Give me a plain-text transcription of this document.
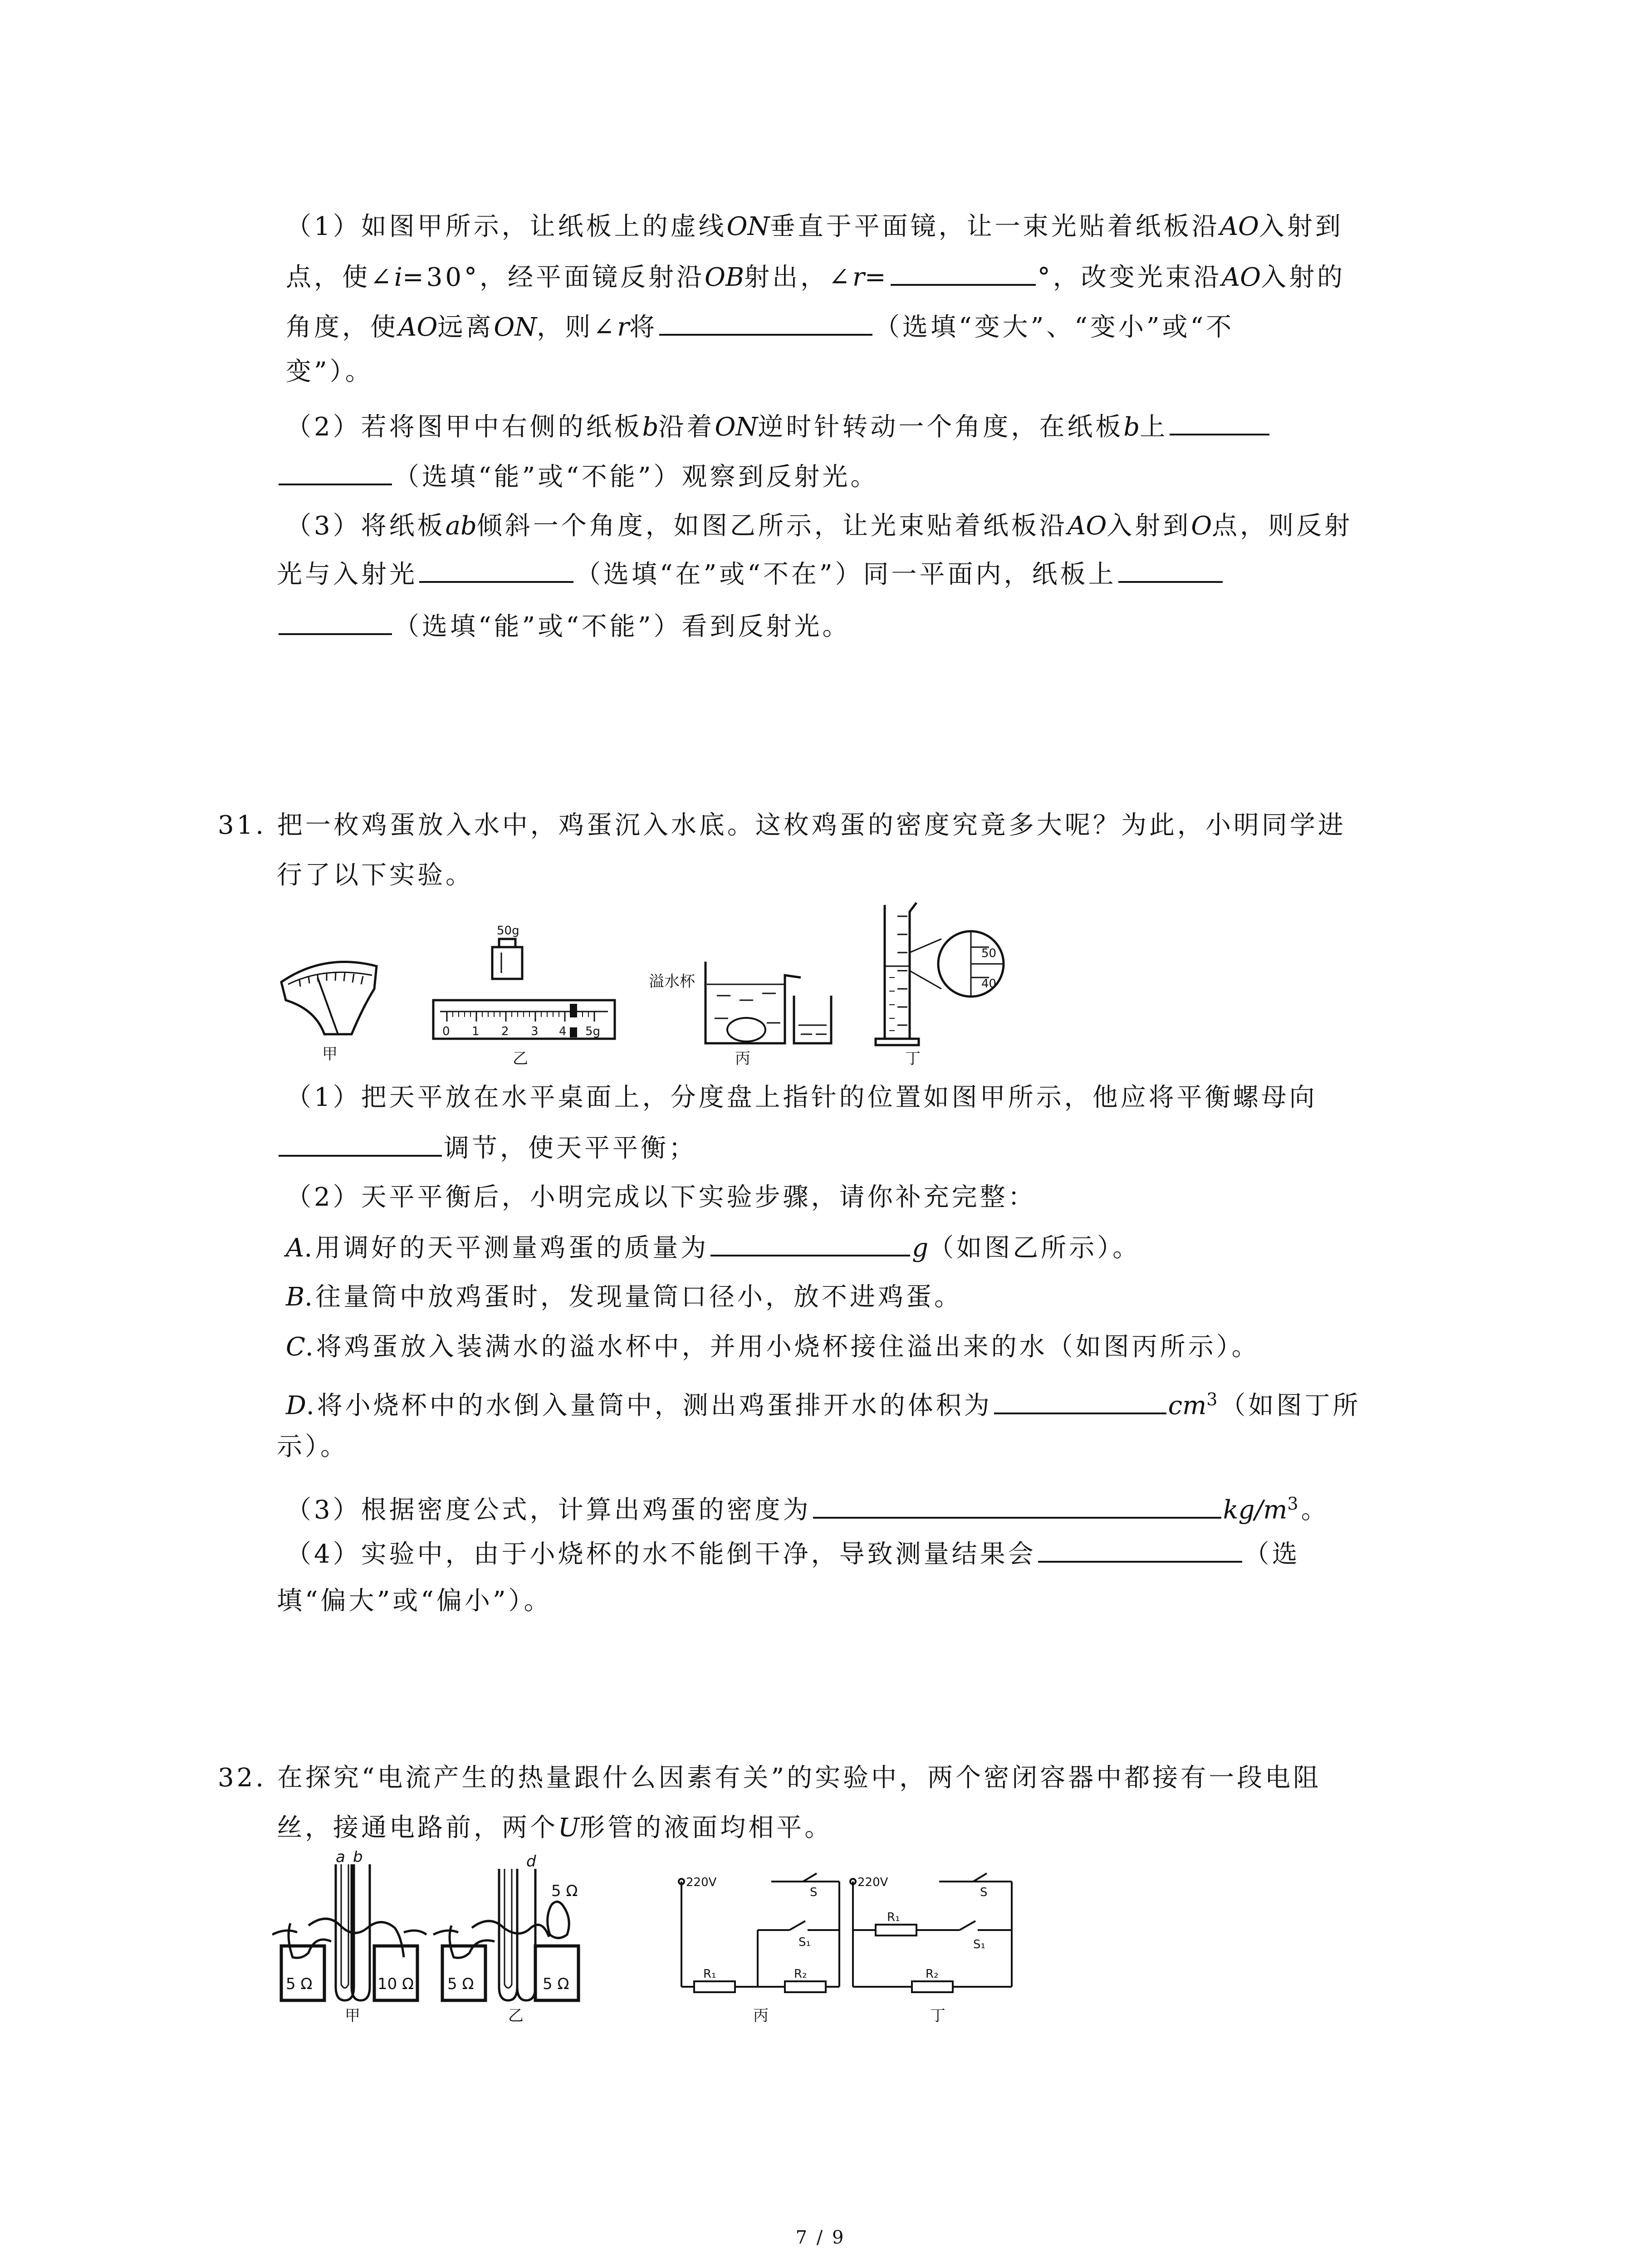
（1）如图甲所示，让纸板上的虚线ON垂直于平面镜，让一束光贴着纸板沿AO入射到
点，使∠i=30°，经平面镜反射沿OB射出，∠r=	°，改变光束沿AO入射的
角度，使AO远离ON，则∠r将	（选填“变大”、“变小”或“不
变”）。
（2）若将图甲中右侧的纸板b沿着ON逆时针转动一个角度，在纸板b上
（选填“能”或“不能”）观察到反射光。
（3）将纸板ab倾斜一个角度，如图乙所示，让光束贴着纸板沿AO入射到O点，则反射
光与入射光	（选填“在”或“不在”）同一平面内，纸板上
（选填“能”或“不能”）看到反射光。
31. 把一枚鸡蛋放入水中，鸡蛋沉入水底。这枚鸡蛋的密度究竟多大呢？为此，小明同学进
行了以下实验。
甲
50g
0 1 2 3 4 5g
乙
溢水杯
丙
50
40
丁
（1）把天平放在水平桌面上，分度盘上指针的位置如图甲所示，他应将平衡螺母向
调节，使天平平衡；
（2）天平平衡后，小明完成以下实验步骤，请你补充完整：
A.用调好的天平测量鸡蛋的质量为	g（如图乙所示）。
B.往量筒中放鸡蛋时，发现量筒口径小，放不进鸡蛋。
C.将鸡蛋放入装满水的溢水杯中，并用小烧杯接住溢出来的水（如图丙所示）。
D.将小烧杯中的水倒入量筒中，测出鸡蛋排开水的体积为	$cm^3$（如图丁所
示）。
（3）根据密度公式，计算出鸡蛋的密度为	$kg/m^3$。
（4）实验中，由于小烧杯的水不能倒干净，导致测量结果会	（选
填“偏大”或“偏小”）。
32. 在探究“电流产生的热量跟什么因素有关”的实验中，两个密闭容器中都接有一段电阻
丝，接通电路前，两个U形管的液面均相平。
5 Ω	10 Ω
a b
甲
5 Ω	5 Ω
5 Ω
d
乙
220V
S
S₁
R₁	R₂
丙
220V
S
S₁
R₁
R₂
丁
7 / 9
